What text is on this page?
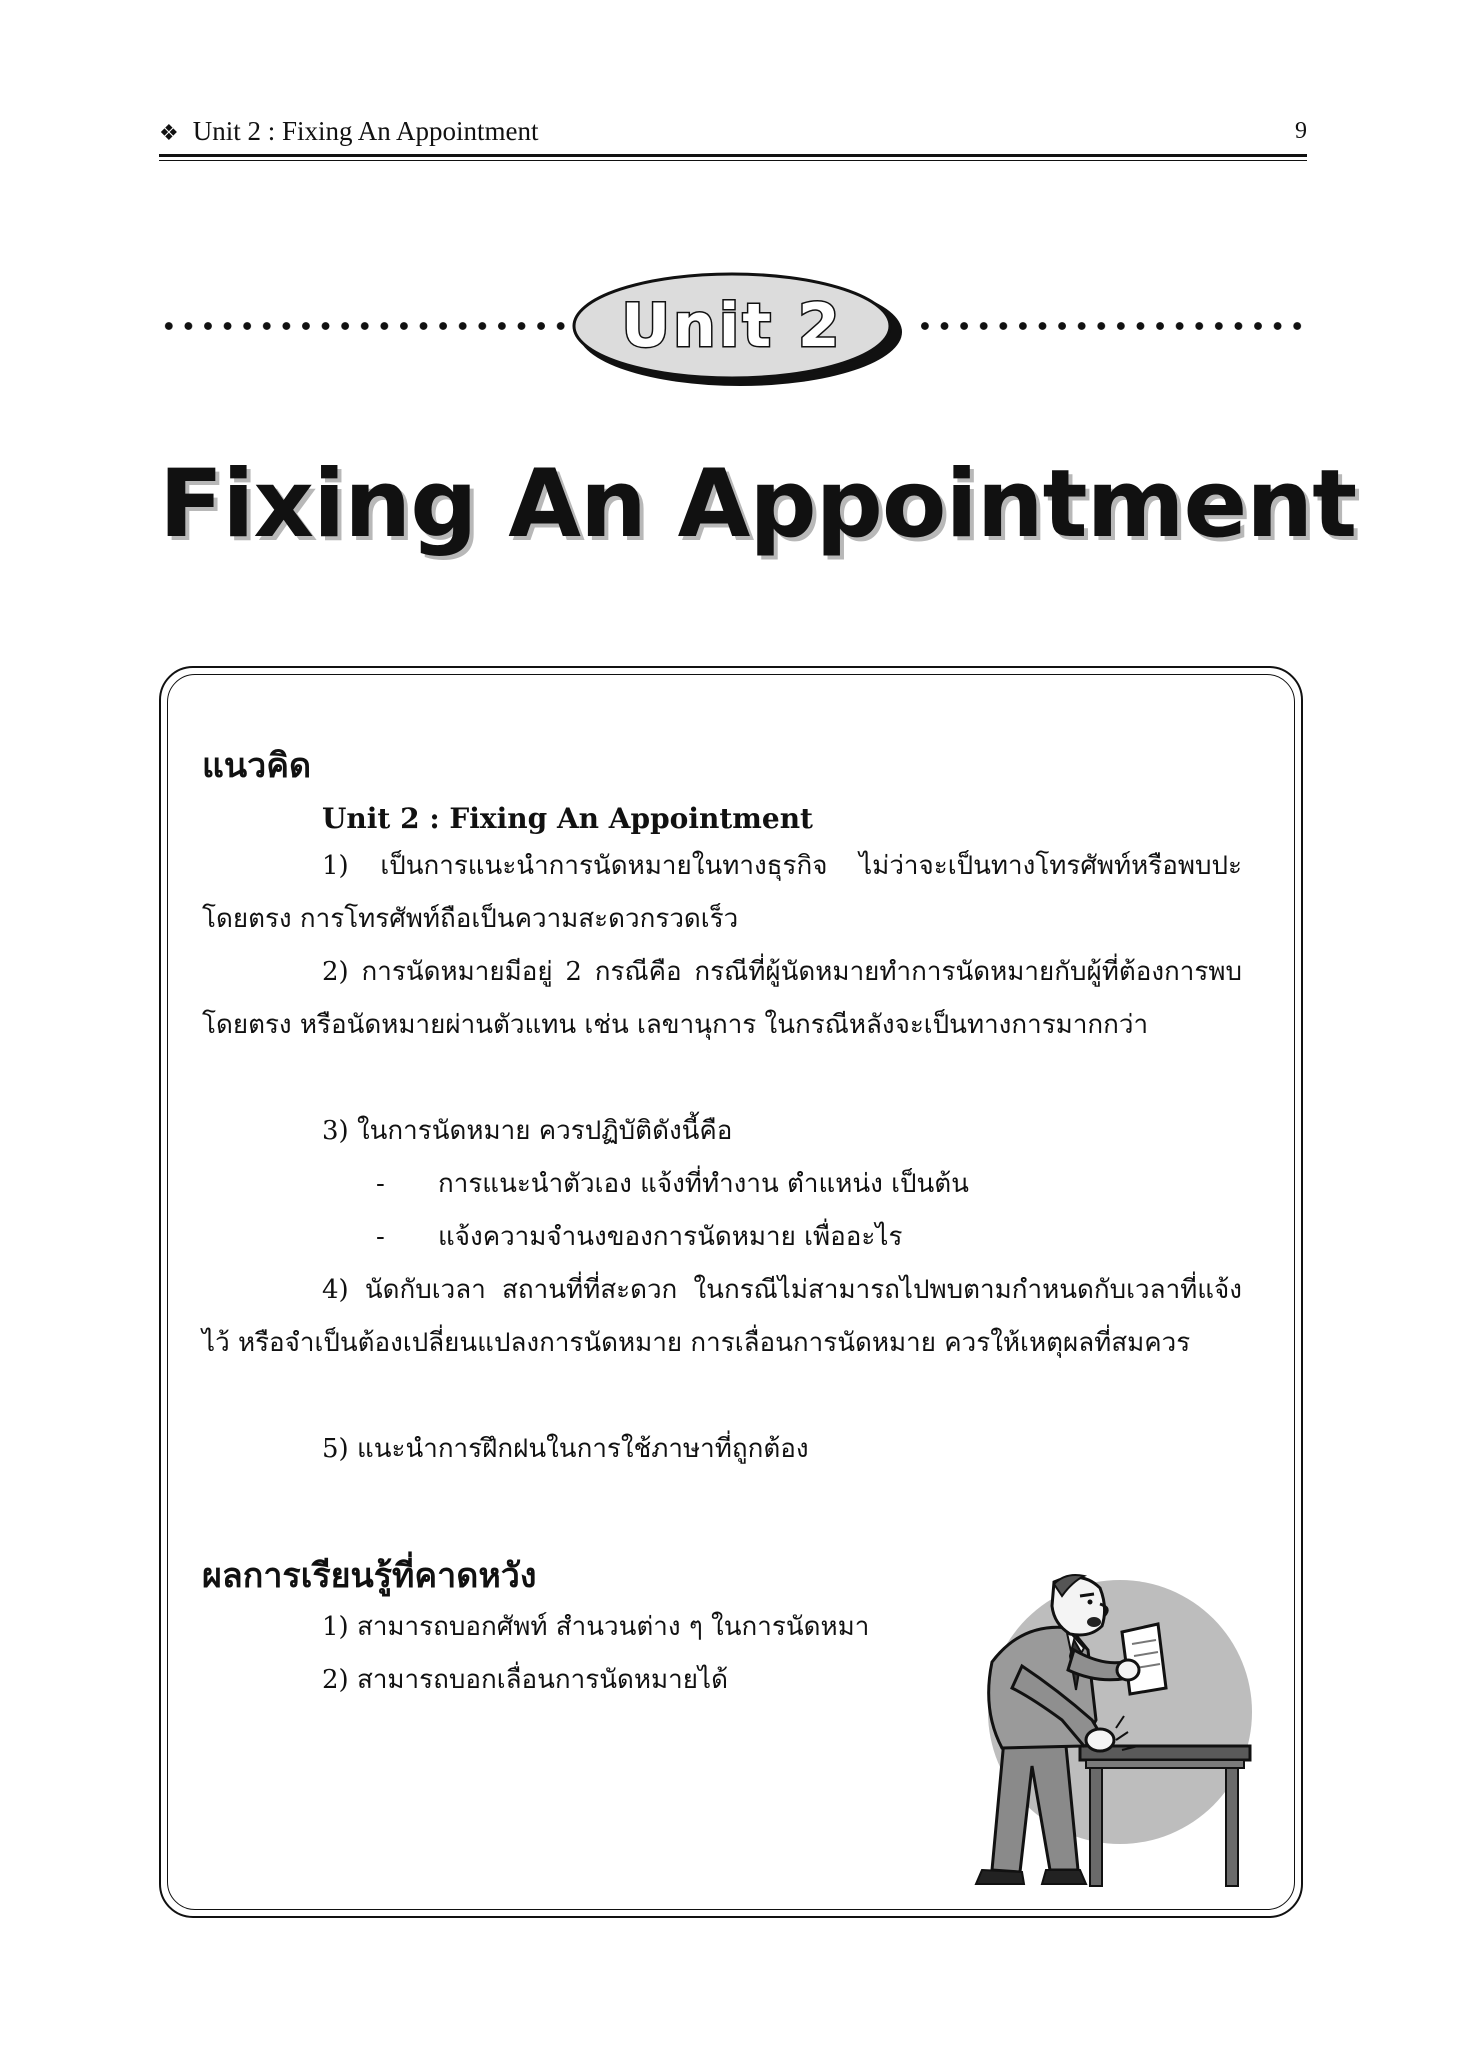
❖ Unit 2 : Fixing An Appointment	9
Unit 2
Fixing An Appointment
แนวคิด
Unit 2 : Fixing An Appointment
1) เป็นการแนะนำการนัดหมายในทางธุรกิจ ไม่ว่าจะเป็นทางโทรศัพท์หรือพบปะโดยตรง การโทรศัพท์ถือเป็นความสะดวกรวดเร็ว
2) การนัดหมายมีอยู่ 2 กรณีคือ กรณีที่ผู้นัดหมายทำการนัดหมายกับผู้ที่ต้องการพบโดยตรง หรือนัดหมายผ่านตัวแทน เช่น เลขานุการ ในกรณีหลังจะเป็นทางการมากกว่า
3) ในการนัดหมาย ควรปฏิบัติดังนี้คือ
- การแนะนำตัวเอง แจ้งที่ทำงาน ตำแหน่ง เป็นต้น
- แจ้งความจำนงของการนัดหมาย เพื่ออะไร
4) นัดกับเวลา สถานที่ที่สะดวก ในกรณีไม่สามารถไปพบตามกำหนดกับเวลาที่แจ้งไว้ หรือจำเป็นต้องเปลี่ยนแปลงการนัดหมาย การเลื่อนการนัดหมาย ควรให้เหตุผลที่สมควร
5) แนะนำการฝึกฝนในการใช้ภาษาที่ถูกต้อง
ผลการเรียนรู้ที่คาดหวัง
1) สามารถบอกศัพท์ สำนวนต่าง ๆ ในการนัดหมา
2) สามารถบอกเลื่อนการนัดหมายได้
